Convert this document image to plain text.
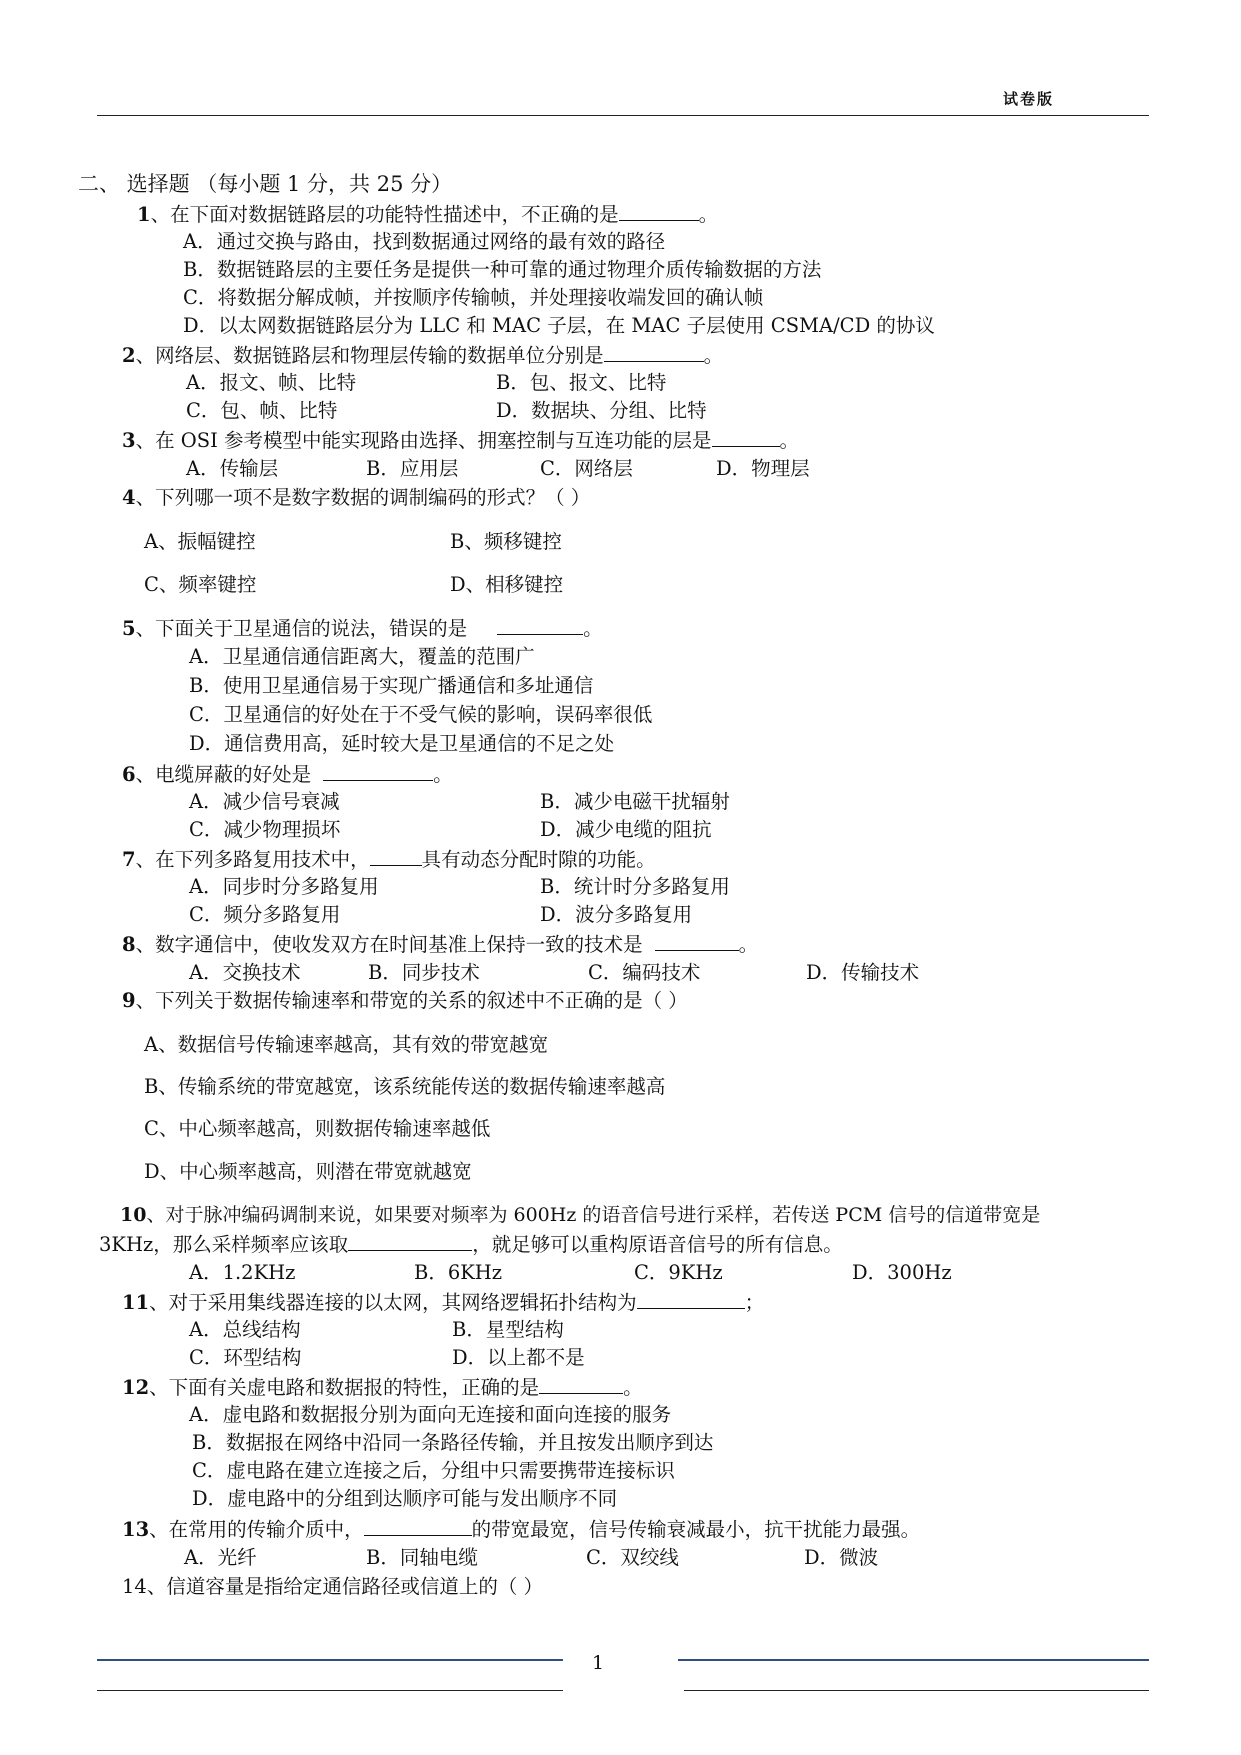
试卷版
二、 选择题 （每小题 1 分，共 25 分）
1、在下面对数据链路层的功能特性描述中，不正确的是	。
A．通过交换与路由，找到数据通过网络的最有效的路径
B．数据链路层的主要任务是提供一种可靠的通过物理介质传输数据的方法
C．将数据分解成帧，并按顺序传输帧，并处理接收端发回的确认帧
D．以太网数据链路层分为 LLC 和 MAC 子层，在 MAC 子层使用 CSMA/CD 的协议
2、网络层、数据链路层和物理层传输的数据单位分别是	。
A．报文、帧、比特	B．包、报文、比特
C．包、帧、比特	D．数据块、分组、比特
3、在 OSI 参考模型中能实现路由选择、拥塞控制与互连功能的层是	。
A．传输层	B．应用层	C．网络层	D．物理层
4、下列哪一项不是数字数据的调制编码的形式？（ ）
A、振幅键控	B、频移键控
C、频率键控	D、相移键控
5、下面关于卫星通信的说法，错误的是	。
A．卫星通信通信距离大，覆盖的范围广
B．使用卫星通信易于实现广播通信和多址通信
C．卫星通信的好处在于不受气候的影响，误码率很低
D．通信费用高，延时较大是卫星通信的不足之处
6、电缆屏蔽的好处是	。
A．减少信号衰减	B．减少电磁干扰辐射
C．减少物理损坏	D．减少电缆的阻抗
7、在下列多路复用技术中，	具有动态分配时隙的功能。
A．同步时分多路复用	B．统计时分多路复用
C．频分多路复用	D．波分多路复用
8、数字通信中，使收发双方在时间基准上保持一致的技术是	。
A．交换技术	B．同步技术	C．编码技术	D．传输技术
9、下列关于数据传输速率和带宽的关系的叙述中不正确的是（ ）
A、数据信号传输速率越高，其有效的带宽越宽
B、传输系统的带宽越宽，该系统能传送的数据传输速率越高
C、中心频率越高，则数据传输速率越低
D、中心频率越高，则潜在带宽就越宽
10、对于脉冲编码调制来说，如果要对频率为 600Hz 的语音信号进行采样，若传送 PCM 信号的信道带宽是
3KHz，那么采样频率应该取	，就足够可以重构原语音信号的所有信息。
A．1.2KHz	B．6KHz	C．9KHz	D．300Hz
11、对于采用集线器连接的以太网，其网络逻辑拓扑结构为	；
A．总线结构	B．星型结构
C．环型结构	D．以上都不是
12、下面有关虚电路和数据报的特性，正确的是	。
A．虚电路和数据报分别为面向无连接和面向连接的服务
B．数据报在网络中沿同一条路径传输，并且按发出顺序到达
C．虚电路在建立连接之后，分组中只需要携带连接标识
D．虚电路中的分组到达顺序可能与发出顺序不同
13、在常用的传输介质中，	的带宽最宽，信号传输衰减最小，抗干扰能力最强。
A．光纤	B．同轴电缆	C．双绞线	D．微波
14、信道容量是指给定通信路径或信道上的（ ）
1
